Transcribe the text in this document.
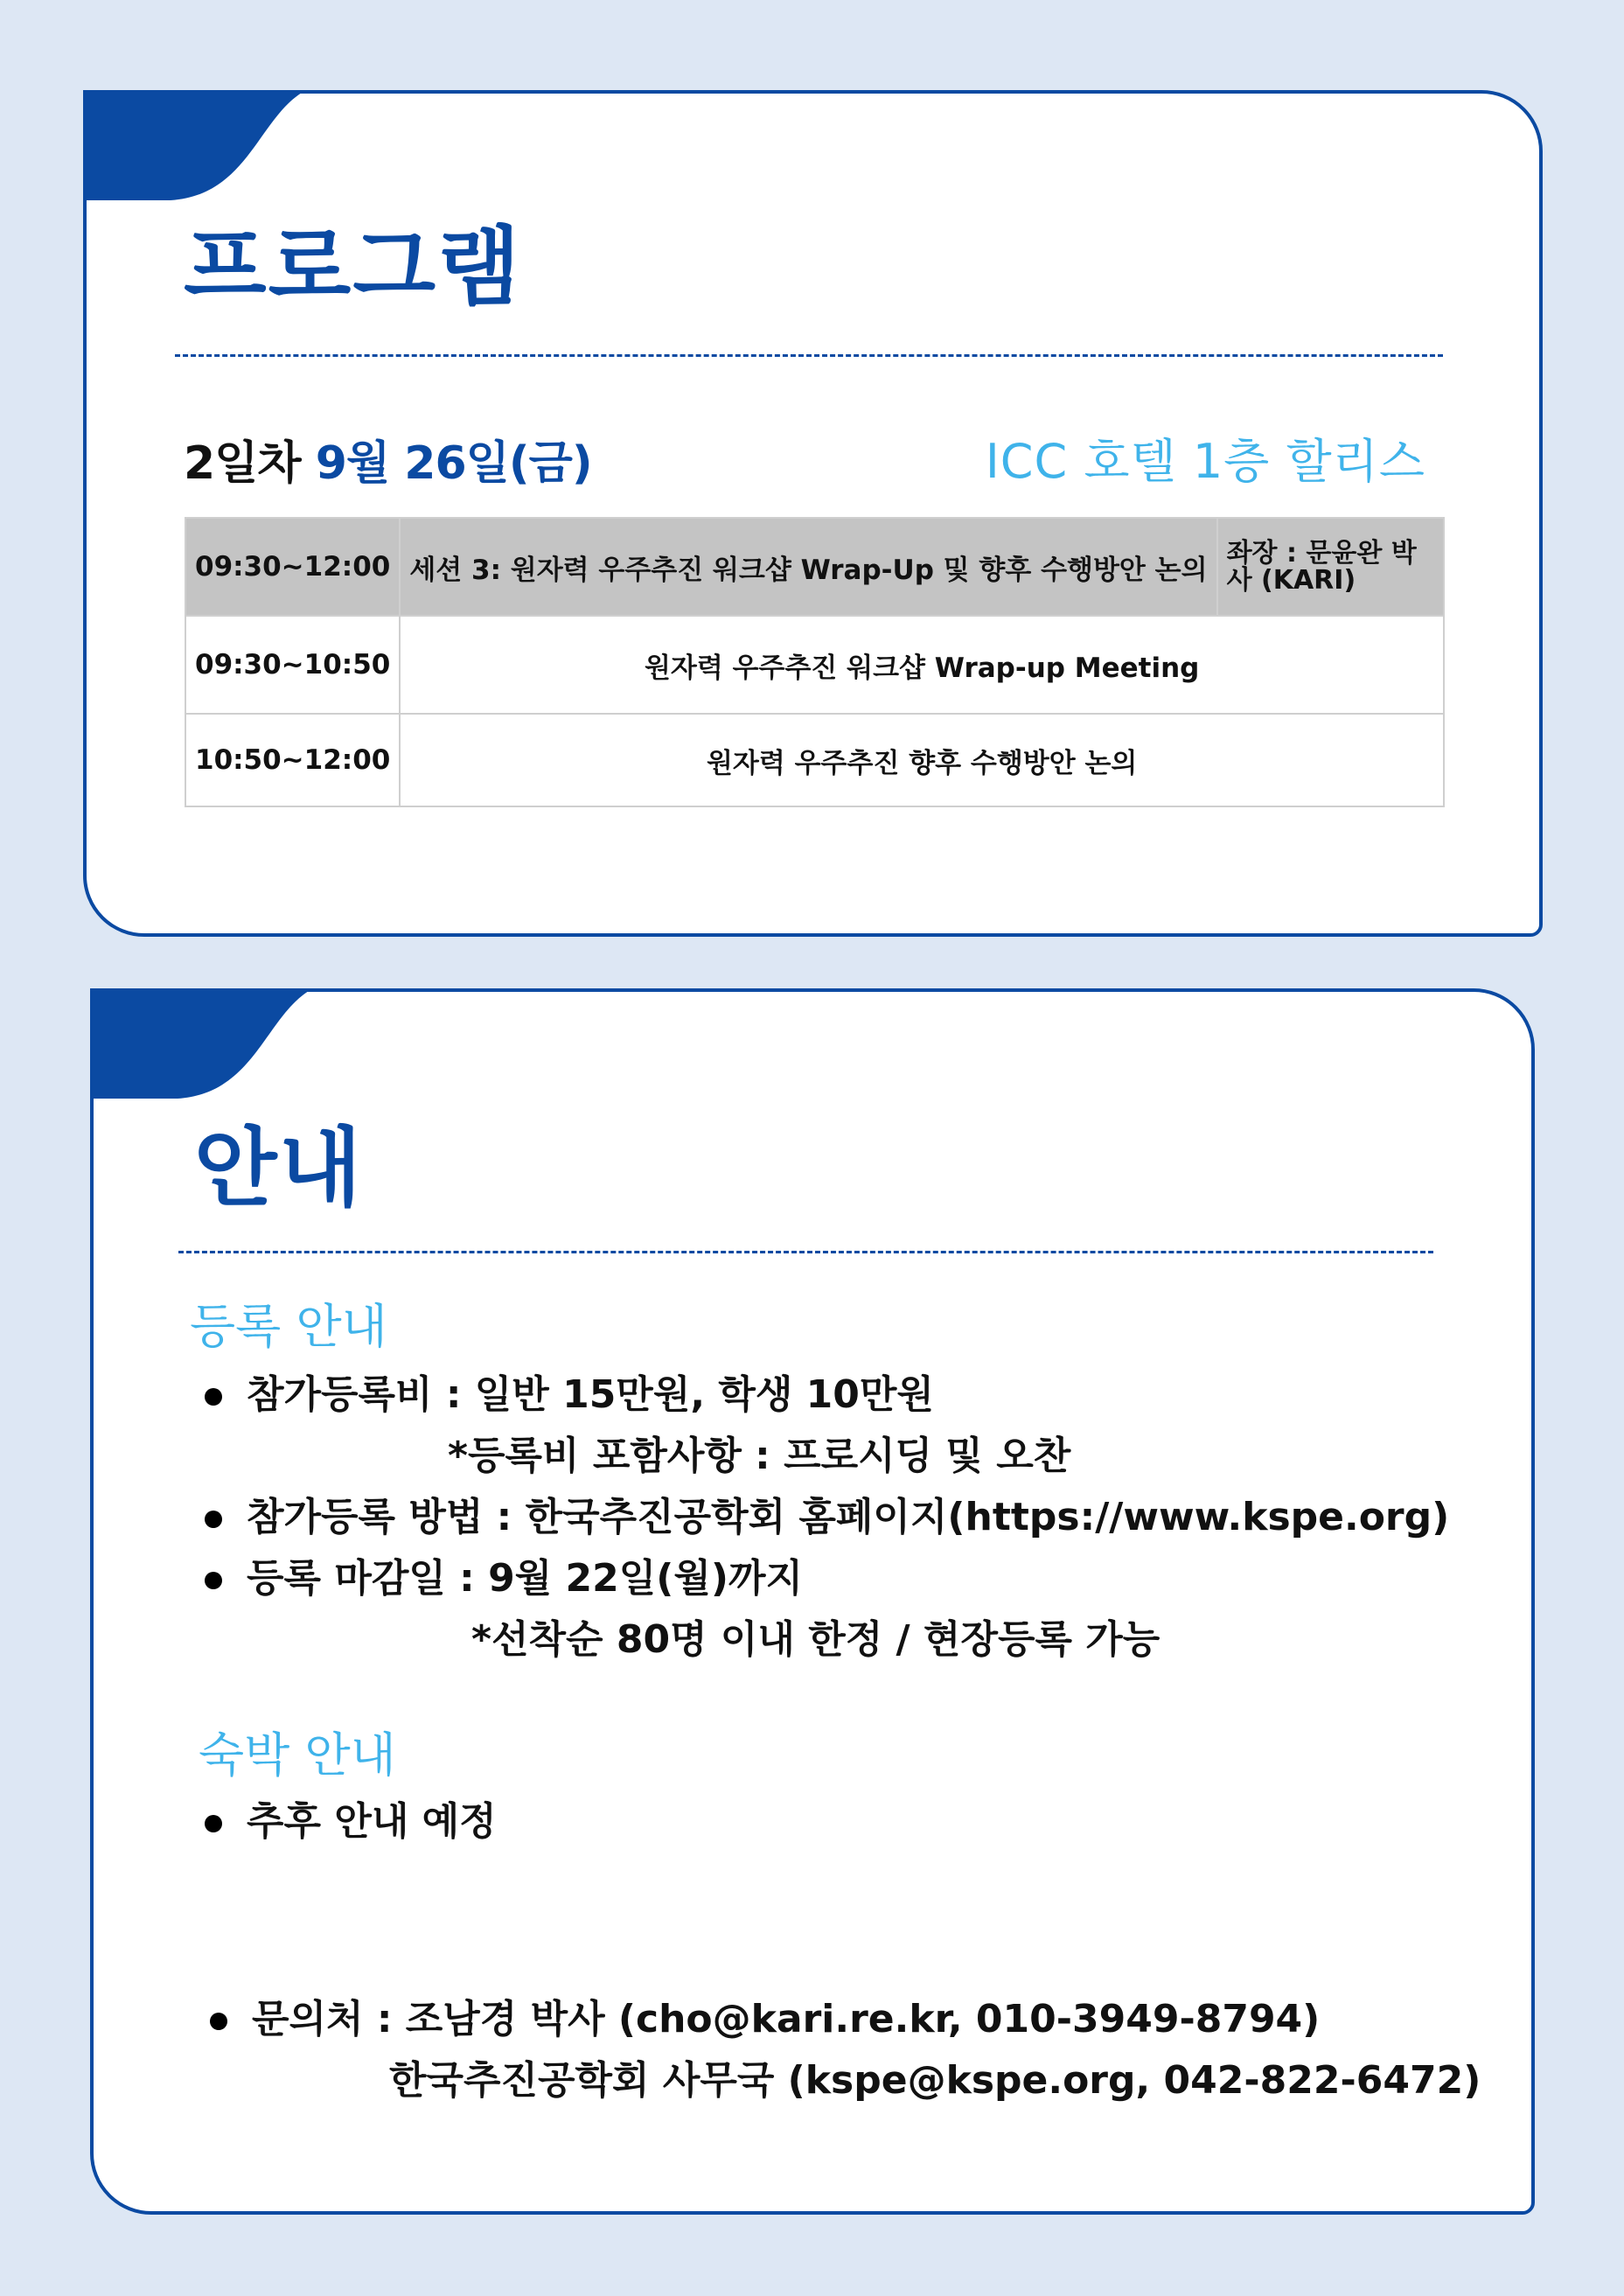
프로그램
2일차 9월 26일(금)	ICC 호텔 1층 할리스
09:30~12:00	세션 3: 원자력 우주추진 워크샵 Wrap-Up 및 향후 수행방안 논의	좌장 : 문윤완 박사 (KARI)
09:30~10:50	원자력 우주추진 워크샵 Wrap-up Meeting	
10:50~12:00	원자력 우주추진 향후 수행방안 논의	
안내
등록 안내
참가등록비 : 일반 15만원, 학생 10만원
*등록비 포함사항 : 프로시딩 및 오찬
참가등록 방법 : 한국추진공학회 홈페이지(https://www.kspe.org)
등록 마감일 : 9월 22일(월)까지
*선착순 80명 이내 한정 / 현장등록 가능
숙박 안내
추후 안내 예정
문의처 : 조남경 박사 (cho@kari.re.kr, 010-3949-8794)
한국추진공학회 사무국 (kspe@kspe.org, 042-822-6472)
